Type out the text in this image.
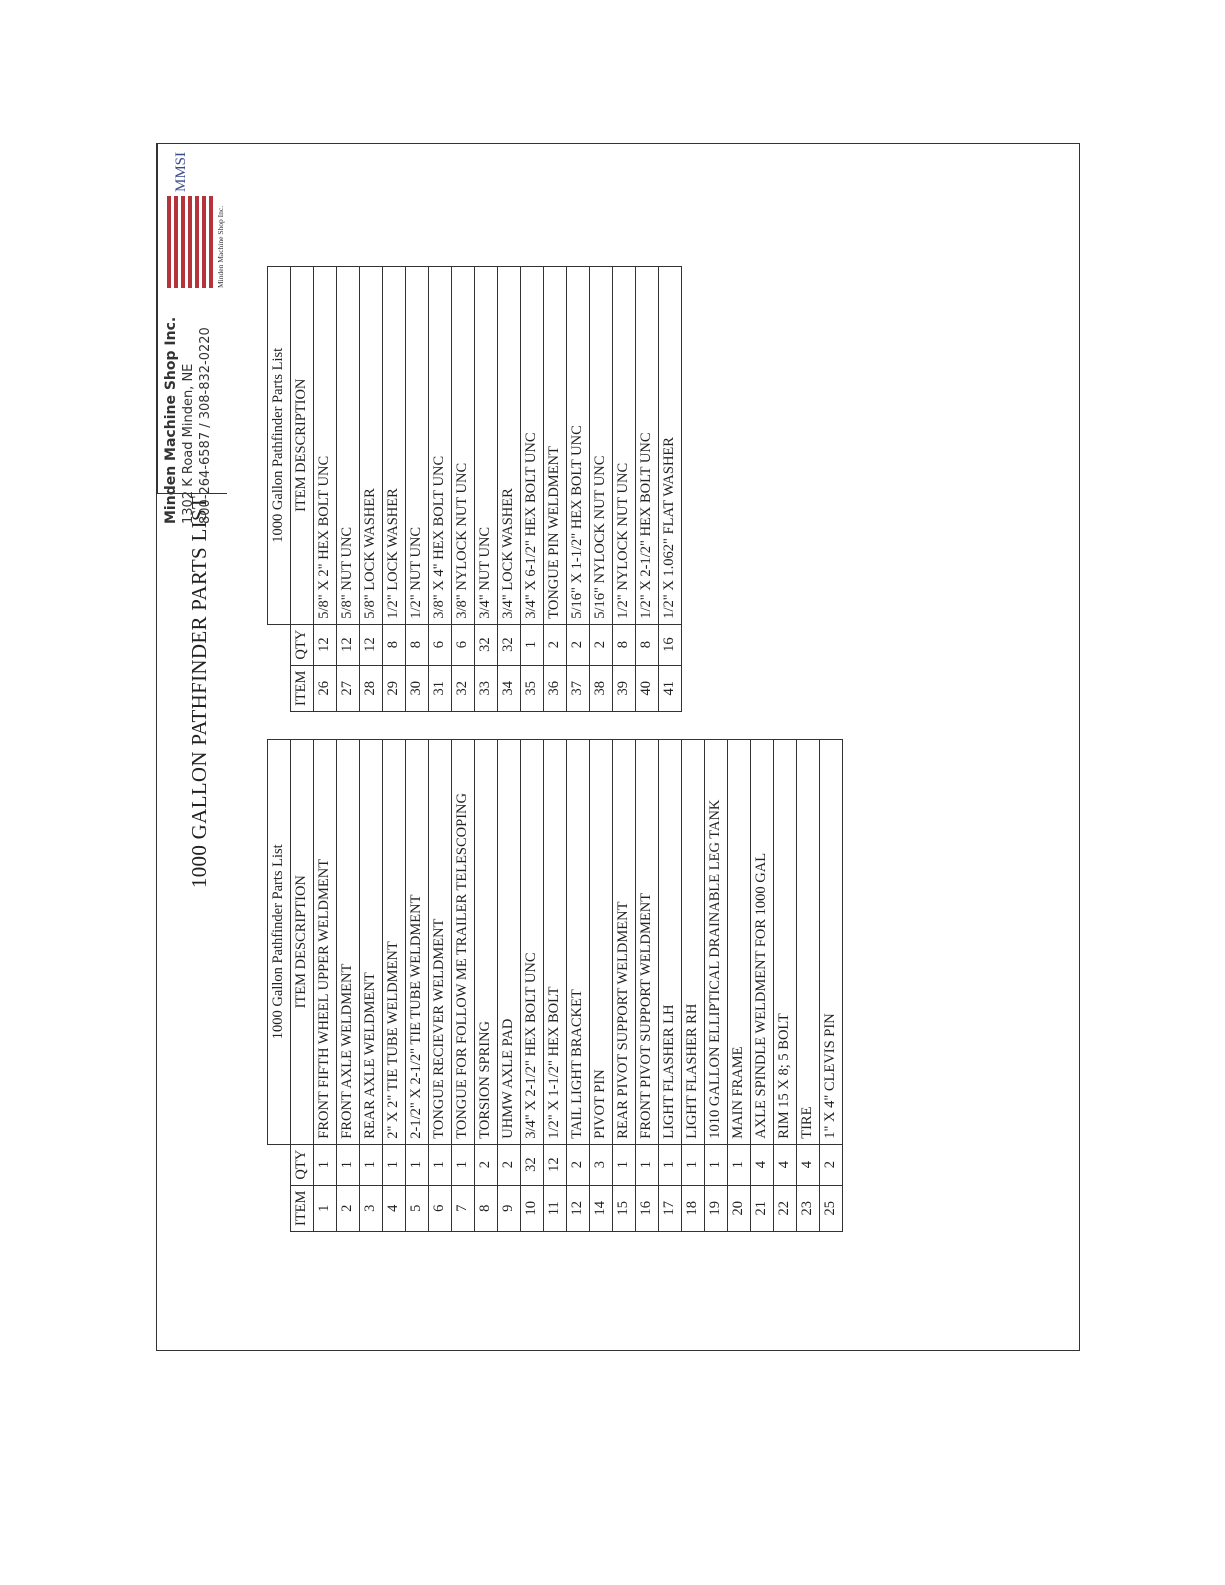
1000 GALLON PATHFINDER PARTS LIST
		1000 Gallon Pathfinder Parts List
ITEM	QTY	ITEM DESCRIPTION
1	1	FRONT FIFTH WHEEL UPPER WELDMENT
2	1	FRONT AXLE WELDMENT
3	1	REAR AXLE WELDMENT
4	1	2" X 2" TIE TUBE WELDMENT
5	1	2-1/2" X 2-1/2" TIE TUBE WELDMENT
6	1	TONGUE RECIEVER WELDMENT
7	1	TONGUE FOR FOLLOW ME TRAILER TELESCOPING
8	2	TORSION SPRING
9	2	UHMW AXLE PAD
10	32	3/4" X 2-1/2" HEX BOLT UNC
11	12	1/2" X 1-1/2" HEX BOLT
12	2	TAIL LIGHT BRACKET
14	3	PIVOT PIN
15	1	REAR PIVOT SUPPORT WELDMENT
16	1	FRONT PIVOT SUPPORT WELDMENT
17	1	LIGHT FLASHER LH
18	1	LIGHT FLASHER RH
19	1	1010 GALLON ELLIPTICAL DRAINABLE LEG TANK
20	1	MAIN FRAME
21	4	AXLE SPINDLE WELDMENT FOR 1000 GAL
22	4	RIM 15 X 8; 5 BOLT
23	4	TIRE
25	2	1" X 4" CLEVIS PIN
		1000 Gallon Pathfinder Parts List
ITEM	QTY	ITEM DESCRIPTION
26	12	5/8" X 2" HEX BOLT UNC
27	12	5/8" NUT UNC
28	12	5/8" LOCK WASHER
29	8	1/2" LOCK WASHER
30	8	1/2" NUT UNC
31	6	3/8" X 4" HEX BOLT UNC
32	6	3/8" NYLOCK NUT UNC
33	32	3/4" NUT UNC
34	32	3/4" LOCK WASHER
35	1	3/4" X 6-1/2" HEX BOLT UNC
36	2	TONGUE PIN WELDMENT
37	2	5/16" X 1-1/2" HEX BOLT UNC
38	2	5/16" NYLOCK NUT UNC
39	8	1/2" NYLOCK NUT UNC
40	8	1/2" X 2-1/2" HEX BOLT UNC
41	16	1/2" X 1.062" FLAT WASHER
Minden Machine Shop Inc. 1302 K Road Minden, NE 800-264-6587 / 308-832-0220
MMSI
Minden Machine Shop Inc.
